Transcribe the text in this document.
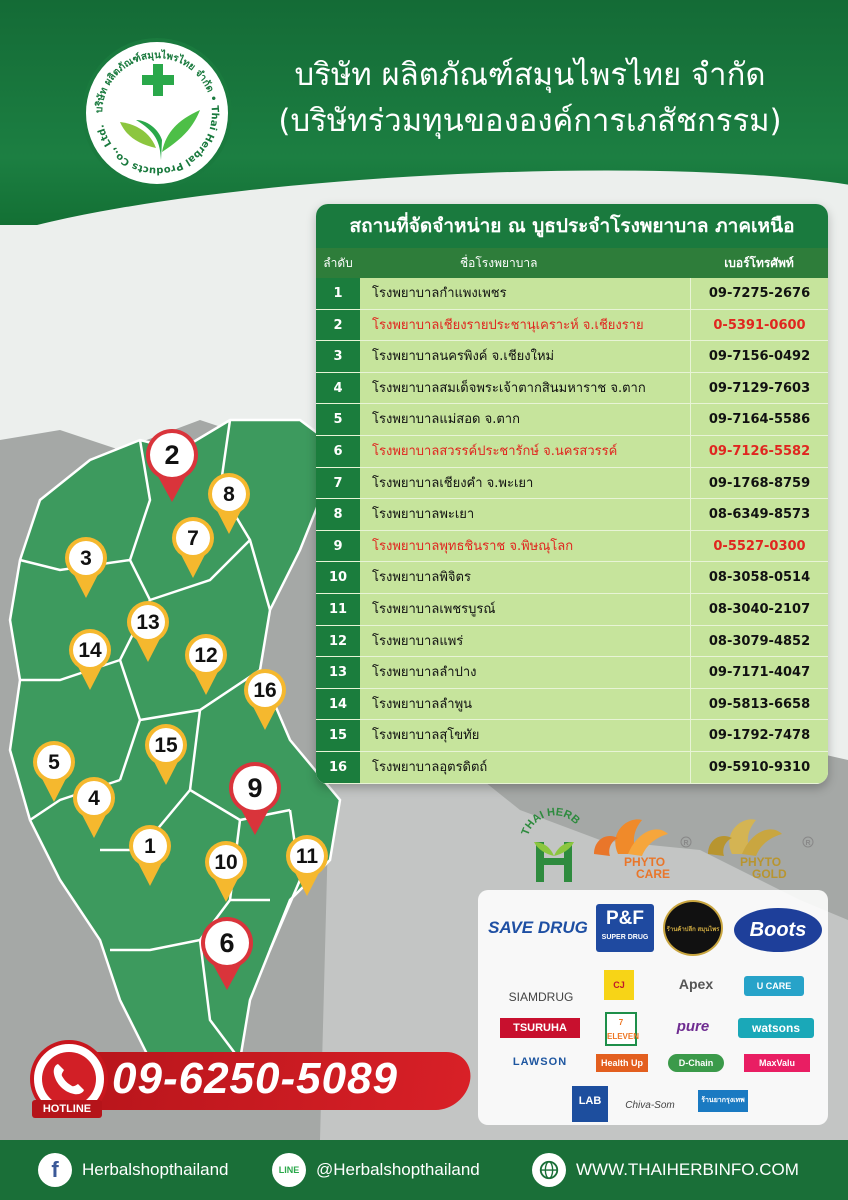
บริษัท ผลิตภัณฑ์สมุนไพรไทย จำกัด • Thai Herbal Products Co., Ltd.
บริษัท ผลิตภัณฑ์สมุนไพรไทย จำกัด
(บริษัทร่วมทุนขององค์การเภสัชกรรม)
1
2
3
4
5
6
7
8
9
10	11
12
13
14
15
16
สถานที่จัดจำหน่าย ณ บูธประจำโรงพยาบาล ภาคเหนือ
ลำดับ	ชื่อโรงพยาบาล	เบอร์โทรศัพท์
1	โรงพยาบาลกำแพงเพชร	09-7275-2676
2	โรงพยาบาลเชียงรายประชานุเคราะห์ จ.เชียงราย	0-5391-0600
3	โรงพยาบาลนครพิงค์ จ.เชียงใหม่	09-7156-0492
4	โรงพยาบาลสมเด็จพระเจ้าตากสินมหาราช จ.ตาก	09-7129-7603
5	โรงพยาบาลแม่สอด จ.ตาก	09-7164-5586
6	โรงพยาบาลสวรรค์ประชารักษ์ จ.นครสวรรค์	09-7126-5582
7	โรงพยาบาลเชียงคำ จ.พะเยา	09-1768-8759
8	โรงพยาบาลพะเยา	08-6349-8573
9	โรงพยาบาลพุทธชินราช จ.พิษณุโลก	0-5527-0300
10	โรงพยาบาลพิจิตร	08-3058-0514
11	โรงพยาบาลเพชรบูรณ์	08-3040-2107
12	โรงพยาบาลแพร่	08-3079-4852
13	โรงพยาบาลลำปาง	09-7171-4047
14	โรงพยาบาลลำพูน	09-5813-6658
15	โรงพยาบาลสุโขทัย	09-1792-7478
16	โรงพยาบาลอุตรดิตถ์	09-5910-9310
THAI HERB
PHYTO
CARE
R
PHYTO
GOLD
R
SAVE DRUG P&F
SUPER DRUG
ร้านค้าปลีก สมุนไพร	Boots
SIAMDRUG
CJ	Apex	U CARE
TSURUHA	7 ELEVEN
pure	watsons
LAWSON	Health Up	D-Chain	MaxValu
LAB	Chiva-Som	ร้านยากรุงเทพ
09-6250-5089
HOTLINE
f Herbalshopthailand	LINE @Herbalshopthailand	WWW.THAIHERBINFO.COM
